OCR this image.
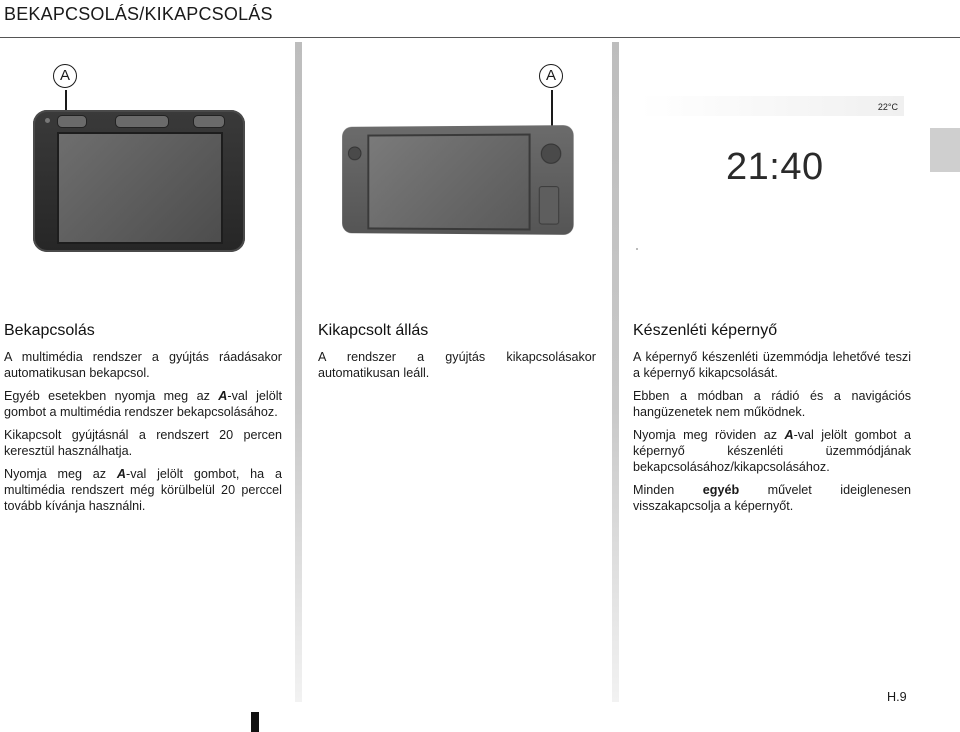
BEKAPCSOLÁS/KIKAPCSOLÁS
A	A
22°C
21:40
Bekapcsolás

A multimédia rendszer a gyújtás ráadásakor automatikusan bekapcsol.

Egyéb esetekben nyomja meg az A-val jelölt gombot a multimédia rendszer bekapcsolásához.

Kikapcsolt gyújtásnál a rendszert 20 percen keresztül használhatja.

Nyomja meg az A-val jelölt gombot, ha a multimédia rendszert még körülbelül 20 perccel tovább kívánja használni.

Kikapcsolt állás

A rendszer a gyújtás kikapcsolásakor automatikusan leáll.

Készenléti képernyő

A képernyő készenléti üzemmódja lehetővé teszi a képernyő kikapcsolását.

Ebben a módban a rádió és a navigációs hangüzenetek nem működnek.

Nyomja meg röviden az A-val jelölt gombot a képernyő készenléti üzemmódjának bekapcsolásához/kikapcsolásához.

Minden egyéb művelet ideiglenesen visszakapcsolja a képernyőt.

H.9
